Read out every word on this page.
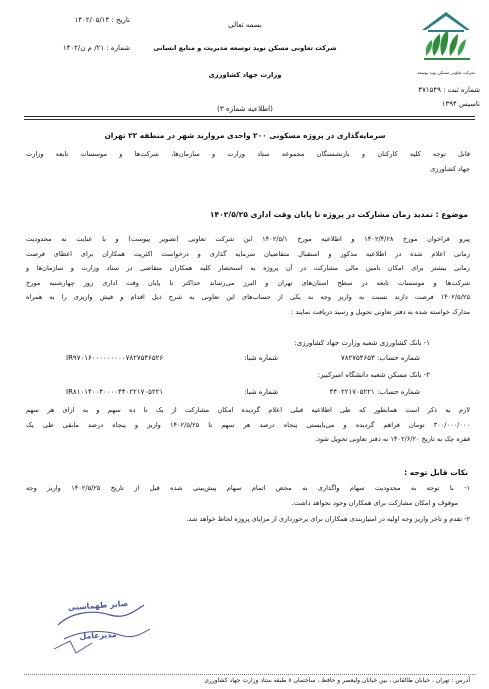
شرکت تعاونی مسکن نوید توسعه
بسمه تعالی
شرکت تعاونی مسکن نوید توسعه مدیریت و منابع انسانی
وزارت جهاد کشاورزی
تاریخ : ۱۴۰۲/۰۵/۱۴
شماره : ۲۱/ م ن/۱۴۰۲
شماره ثبت : ۴۷۱۵۴۹
تاسیس ۱۳۹۴
(اطلاعیه شماره ۳)
سرمایه‌گذاری در پروژه مسکونی ۲۰۰ واحدی مروارید شهر در منطقه ۲۲ تهران
قابل توجه کلیه کارکنان و بازنشستگان مجموعه ستاد وزارت و سازمان‌ها، شرکت‌ها و موسسات تابعه وزارت
جهاد کشاورزی
موضوع : تمدید زمان مشارکت در پروژه تا پایان وقت اداری ۱۴۰۲/۵/۲۵
پیرو فراخوان مورخ ۱۴۰۲/۴/۲۸ و اطلاعیه مورخ ۱۴۰۲/۵/۱ این شرکت تعاونی (تصویر پیوست) و با عنایت به محدودیت
زمانی اعلام شده در اطلاعیه مذکور و استقبال متقاضیان سرمایه گذاری و درخواست اکثریت همکاران برای اعطای فرصت
زمانی بیشتر برای امکان تامین مالی مشارکت در آن پروژه به استحضار کلیه همکاران متقاضی در ستاد وزارت و سازمان‌ها و
شرکت‌ها و موسسات تابعه در سطح استان‌های تهران و البرز می‌رساند حداکثر تا پایان وقت اداری روز چهارشنبه مورخ
۱۴۰۲/۵/۲۵ فرصت دارند نسبت به واریز وجه به یکی از حساب‌های این تعاونی به شرح ذیل اقدام و فیش واریزی را به همراه
مدارک خواسته شده به دفتر تعاونی تحویل و رسید دریافت نمایند :
۱- بانک کشاورزی شعبه وزارت جهاد کشاورزی:
شماره حساب: ۷۸۲۷۵۴۶۵۳
شماره شبا:
IR۹۷۰۱۶۰۰۰۰۰۰۰۰۰۷۸۲۷۵۴۶۵۲۶
۲- بانک مسکن شعبه دانشگاه امیرکبیر:
شماره حساب: ۴۴۰۲۲۱۷۰۵۲۲۱
شماره شبا:
IR۸۱۰۱۴۰۰۴۰۰۰۰۴۴۰۲۲۱۷۰۵۲۲۱
لازم به ذکر است همانطور که طی اطلاعیه قبلی اعلام گردیده امکان مشارکت از یک تا ده سهم و به ازای هر سهم
۳۰۰/۰۰۰/۰۰۰ تومان فراهم گردیده و می‌بایستی پنجاه درصد هر سهم تا ۱۴۰۲/۵/۲۵ واریز و پنجاه درصد مابقی طی یک
فقره چک به تاریخ ۱۴۰۲/۶/۲۰ به دفتر تعاونی تحویل شود.
نکات قابل توجه :
۱- با توجه به محدودیت سهام واگذاری به محض اتمام سهام پیش‌بینی شده قبل از تاریخ ۱۴۰۲/۵/۲۵ واریز وجه
موقوف و امکان مشارکت برای همکاران وجود نخواهد داشت.
۲- تقدم و تاخر واریز وجه اولیه در امتیازبندی همکاران برای برخورداری از مزایای پروژه لحاظ خواهد شد.
صابر طهماسبی
مدیرعامل
آدرس : تهران ، خیابان طالقانی ، بین خیابان ولیعصر و حافظ ، ساختمان ۸ طبقه ستاد وزارت جهاد کشاورزی
